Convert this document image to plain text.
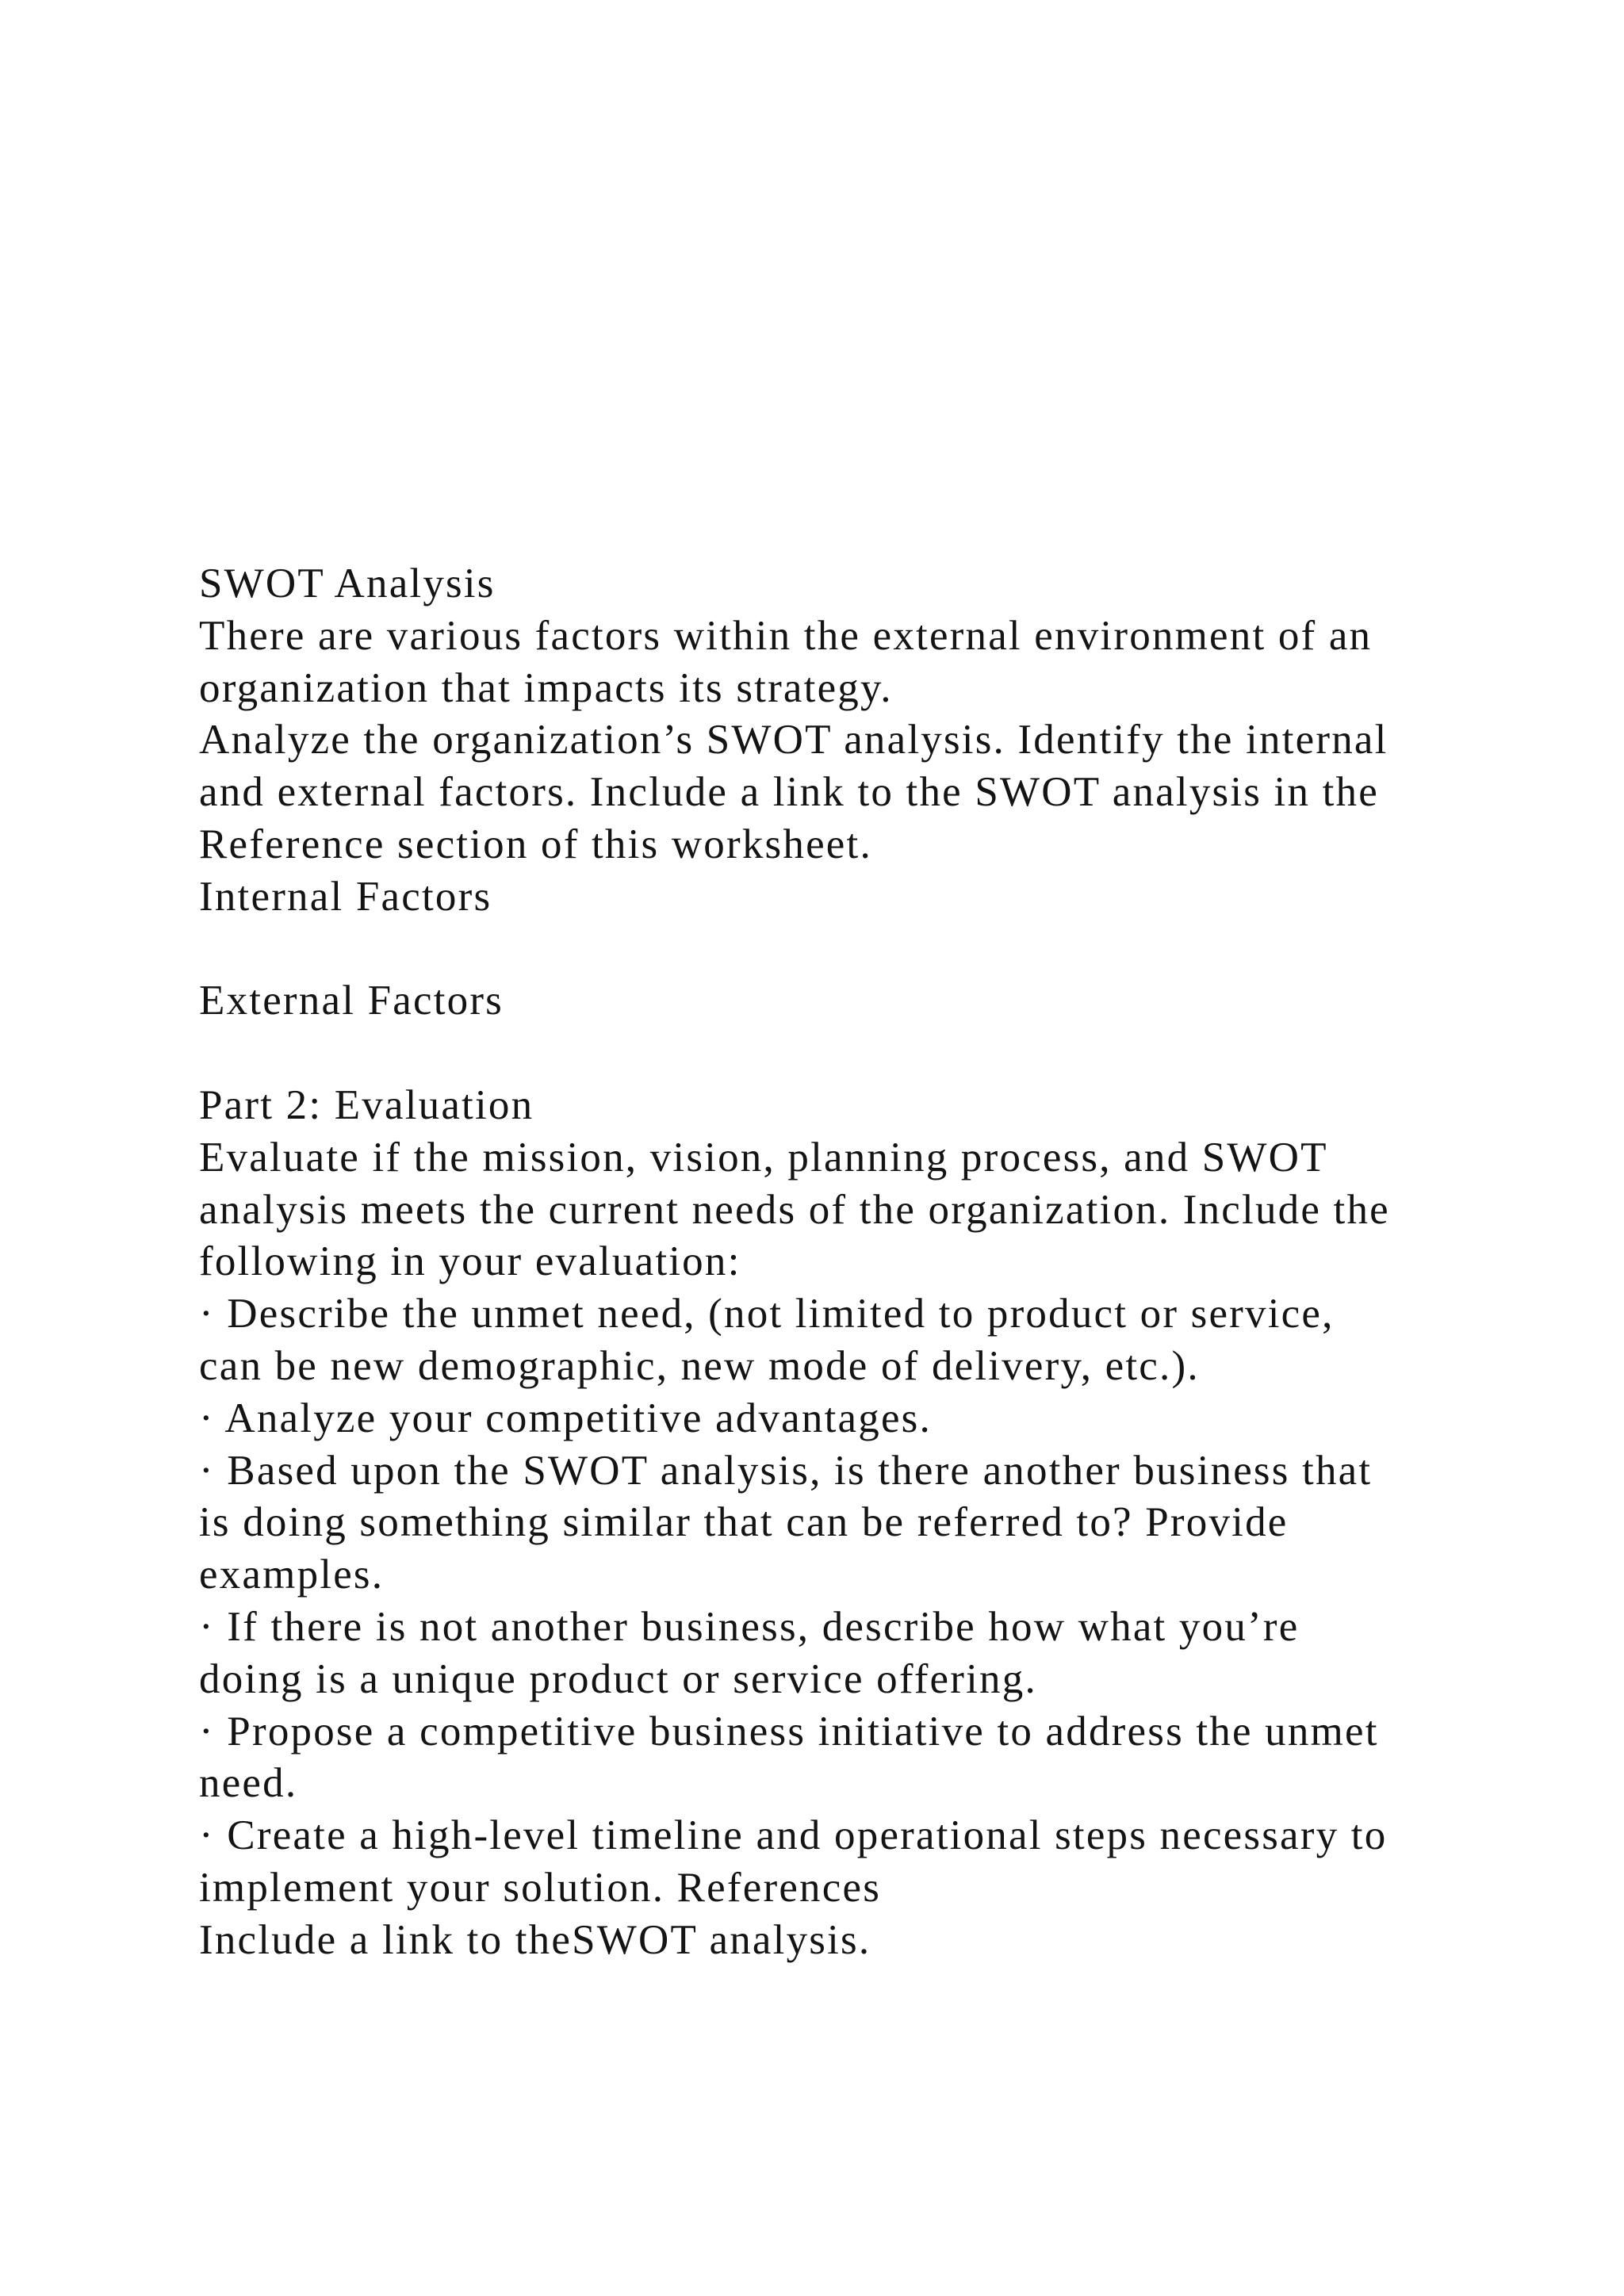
SWOT Analysis
There are various factors within the external environment of an
organization that impacts its strategy.
Analyze the organization’s SWOT analysis. Identify the internal
and external factors. Include a link to the SWOT analysis in the
Reference section of this worksheet.
Internal Factors
External Factors
Part 2: Evaluation
Evaluate if the mission, vision, planning process, and SWOT
analysis meets the current needs of the organization. Include the
following in your evaluation:
· Describe the unmet need, (not limited to product or service,
can be new demographic, new mode of delivery, etc.).
· Analyze your competitive advantages.
· Based upon the SWOT analysis, is there another business that
is doing something similar that can be referred to? Provide
examples.
· If there is not another business, describe how what you’re
doing is a unique product or service offering.
· Propose a competitive business initiative to address the unmet
need.
· Create a high-level timeline and operational steps necessary to
implement your solution. References
Include a link to theSWOT analysis.
